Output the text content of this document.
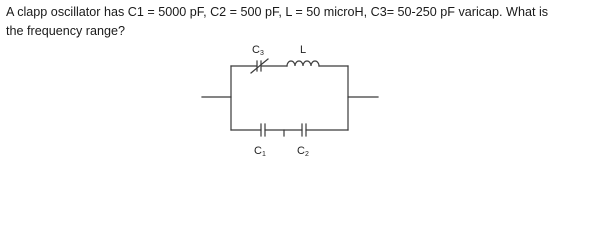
A clapp oscillator has C1 = 5000 pF, C2 = 500 pF, L = 50 microH, C3= 50-250 pF varicap. What is
the frequency range?
C3	L
C1	C2
